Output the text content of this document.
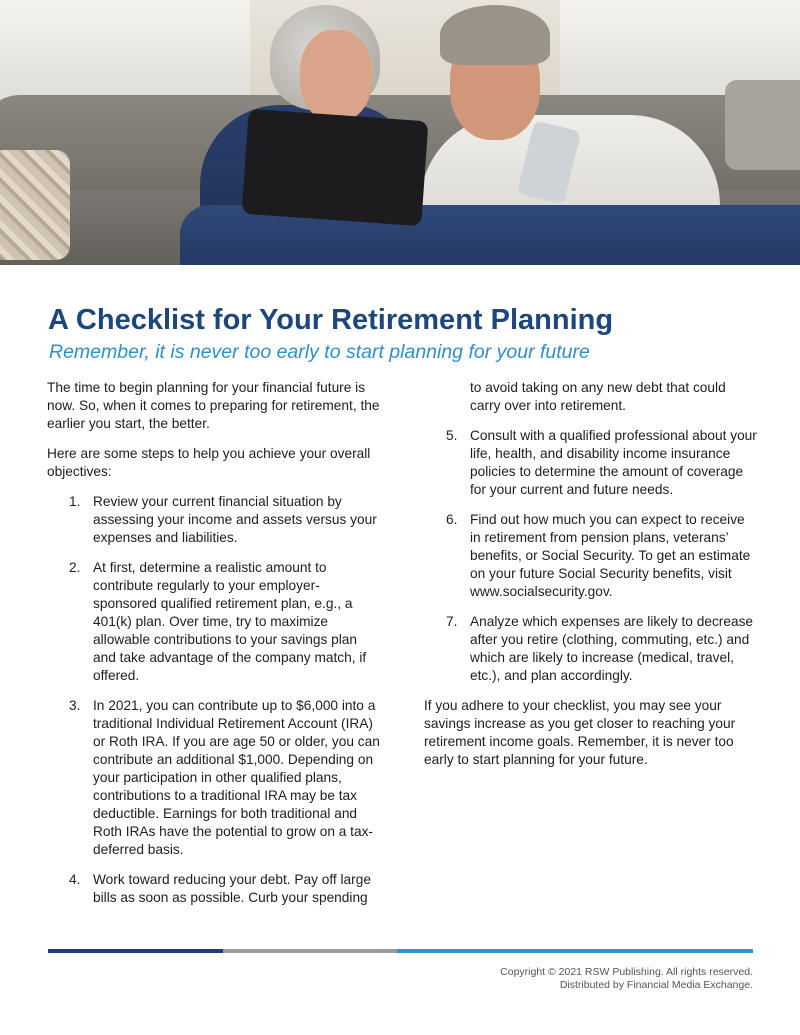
A Checklist for Your Retirement Planning
Remember, it is never too early to start planning for your future

The time to begin planning for your financial future is now. So, when it comes to preparing for retirement, the earlier you start, the better.

Here are some steps to help you achieve your overall objectives:

1. Review your current financial situation by assessing your income and assets versus your expenses and liabilities.
2. At first, determine a realistic amount to contribute regularly to your employer-sponsored qualified retirement plan, e.g., a 401(k) plan. Over time, try to maximize allowable contributions to your savings plan and take advantage of the company match, if offered.
3. In 2021, you can contribute up to $6,000 into a traditional Individual Retirement Account (IRA) or Roth IRA. If you are age 50 or older, you can contribute an additional $1,000. Depending on your participation in other qualified plans, contributions to a traditional IRA may be tax deductible. Earnings for both traditional and Roth IRAs have the potential to grow on a tax-deferred basis.
4. Work toward reducing your debt. Pay off large bills as soon as possible. Curb your spending
to avoid taking on any new debt that could carry over into retirement.
5. Consult with a qualified professional about your life, health, and disability income insurance policies to determine the amount of coverage for your current and future needs.
6. Find out how much you can expect to receive in retirement from pension plans, veterans’ benefits, or Social Security. To get an estimate on your future Social Security benefits, visit www.socialsecurity.gov.
7. Analyze which expenses are likely to decrease after you retire (clothing, commuting, etc.) and which are likely to increase (medical, travel, etc.), and plan accordingly.

If you adhere to your checklist, you may see your savings increase as you get closer to reaching your retirement income goals. Remember, it is never too early to start planning for your future.

Copyright © 2021 RSW Publishing. All rights reserved.
Distributed by Financial Media Exchange.
